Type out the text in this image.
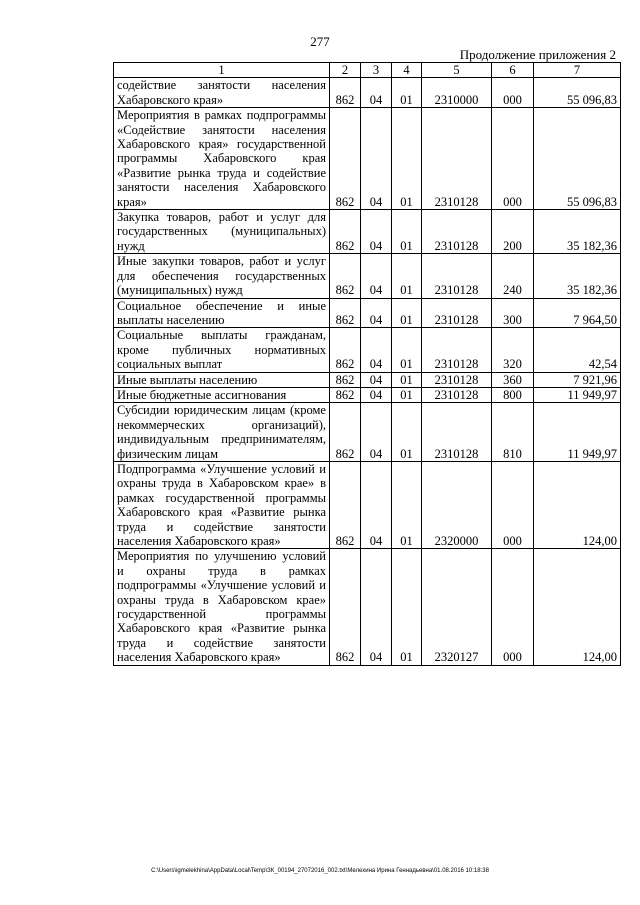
277
Продолжение приложения 2
1	2	3	4	5	6	7
содействие занятости населения Хабаровского края»	862	04	01	2310000	000	55 096,83
Мероприятия в рамках подпрограммы «Содействие занятости населения Хабаровского края» государственной программы Хабаровского края «Развитие рынка труда и содействие занятости населения Хабаровского края»	862	04	01	2310128	000	55 096,83
Закупка товаров, работ и услуг для государственных (муниципальных) нужд	862	04	01	2310128	200	35 182,36
Иные закупки товаров, работ и услуг для обеспечения государственных (муниципальных) нужд	862	04	01	2310128	240	35 182,36
Социальное обеспечение и иные выплаты населению	862	04	01	2310128	300	7 964,50
Социальные выплаты гражданам, кроме публичных нормативных социальных выплат	862	04	01	2310128	320	42,54
Иные выплаты населению	862	04	01	2310128	360	7 921,96
Иные бюджетные ассигнования	862	04	01	2310128	800	11 949,97
Субсидии юридическим лицам (кроме некоммерческих организаций), индивидуальным предпринимателям, физическим лицам	862	04	01	2310128	810	11 949,97
Подпрограмма «Улучшение условий и охраны труда в Хабаровском крае» в рамках государственной программы Хабаровского края «Развитие рынка труда и содействие занятости населения Хабаровского края»	862	04	01	2320000	000	124,00
Мероприятия по улучшению условий и охраны труда в рамках подпрограммы «Улучшение условий и охраны труда в Хабаровском крае» государственной программы Хабаровского края «Развитие рынка труда и содействие занятости населения Хабаровского края»	862	04	01	2320127	000	124,00
C:\Users\igmelekhina\AppData\Local\Temp\ЗК_00194_27072016_002.txt\Мелехина Ирина Геннадьевна\01.08.2016 10:18:38
